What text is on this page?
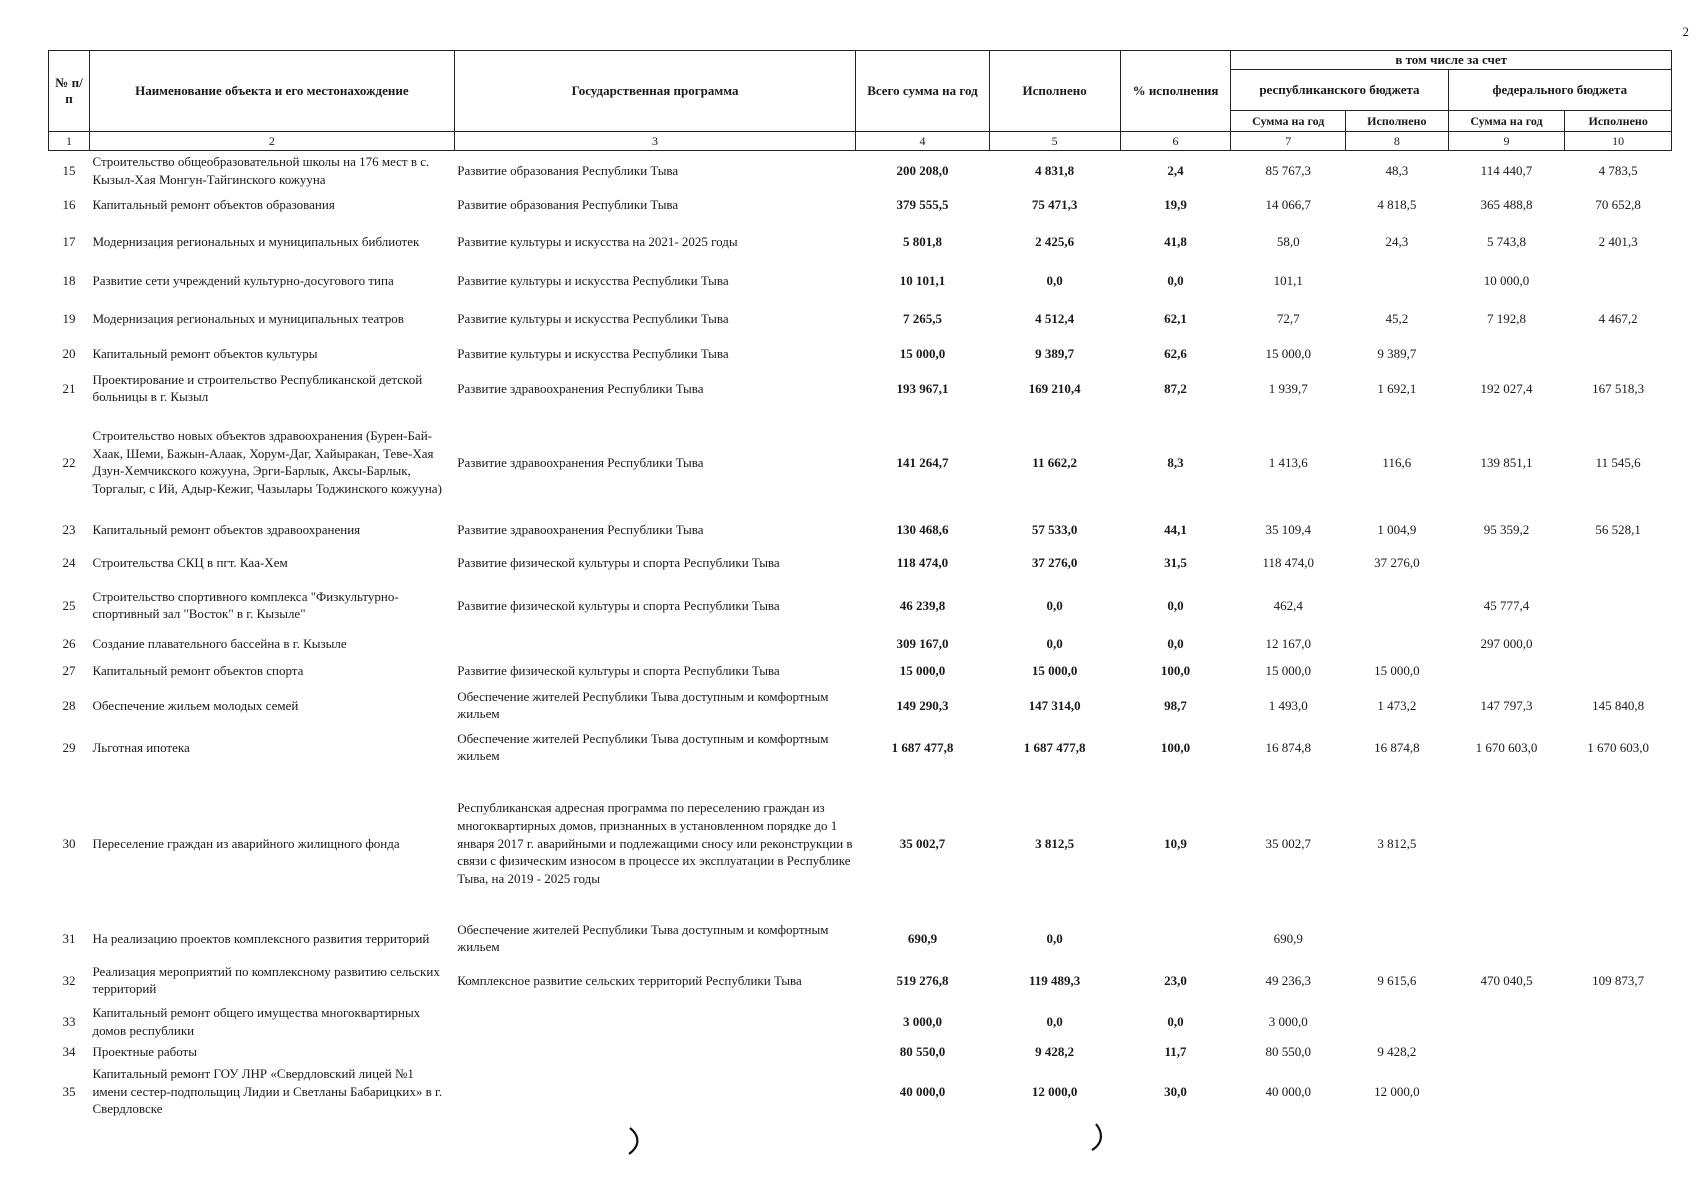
2
№ п/п	Наименование объекта и его местонахождение	Государственная программа	Всего сумма на год	Исполнено	% исполнения	в том числе за счет			
						республиканского бюджета		федерального бюджета	
						Сумма на год	Исполнено	Сумма на год	Исполнено
1	2	3	4	5	6	7	8	9	10
15	Строительство общеобразовательной школы на 176 мест в с. Кызыл-Хая Монгун-Тайгинского кожууна	Развитие образования Республики Тыва	200 208,0	4 831,8	2,4	85 767,3	48,3	114 440,7	4 783,5
16	Капитальный ремонт объектов образования	Развитие образования Республики Тыва	379 555,5	75 471,3	19,9	14 066,7	4 818,5	365 488,8	70 652,8
17	Модернизация региональных и муниципальных библиотек	Развитие культуры и искусства на 2021- 2025 годы	5 801,8	2 425,6	41,8	58,0	24,3	5 743,8	2 401,3
18	Развитие сети учреждений культурно-досугового типа	Развитие культуры и искусства Республики Тыва	10 101,1	0,0	0,0	101,1		10 000,0	
19	Модернизация региональных и муниципальных театров	Развитие культуры и искусства Республики Тыва	7 265,5	4 512,4	62,1	72,7	45,2	7 192,8	4 467,2
20	Капитальный ремонт объектов культуры	Развитие культуры и искусства Республики Тыва	15 000,0	9 389,7	62,6	15 000,0	9 389,7		
21	Проектирование и строительство Республиканской детской больницы в г. Кызыл	Развитие здравоохранения Республики Тыва	193 967,1	169 210,4	87,2	1 939,7	1 692,1	192 027,4	167 518,3
22	Строительство новых объектов здравоохранения (Бурен-Бай-Хаак, Шеми, Бажын-Алаак, Хорум-Даг, Хайыракан, Теве-Хая Дзун-Хемчикского кожууна, Эрги-Барлык, Аксы-Барлык, Торгалыг, с Ий, Адыр-Кежиг, Чазылары Тоджинского кожууна)	Развитие здравоохранения Республики Тыва	141 264,7	11 662,2	8,3	1 413,6	116,6	139 851,1	11 545,6
23	Капитальный ремонт объектов здравоохранения	Развитие здравоохранения Республики Тыва	130 468,6	57 533,0	44,1	35 109,4	1 004,9	95 359,2	56 528,1
24	Строительства СКЦ в пгт. Каа-Хем	Развитие физической культуры и спорта Республики Тыва	118 474,0	37 276,0	31,5	118 474,0	37 276,0		
25	Строительство спортивного комплекса "Физкультурно-спортивный зал "Восток" в г. Кызыле"	Развитие физической культуры и спорта Республики Тыва	46 239,8	0,0	0,0	462,4		45 777,4	
26	Создание плавательного бассейна в г. Кызыле		309 167,0	0,0	0,0	12 167,0		297 000,0	
27	Капитальный ремонт объектов спорта	Развитие физической культуры и спорта Республики Тыва	15 000,0	15 000,0	100,0	15 000,0	15 000,0		
28	Обеспечение жильем молодых семей	Обеспечение жителей Республики Тыва доступным и комфортным жильем	149 290,3	147 314,0	98,7	1 493,0	1 473,2	147 797,3	145 840,8
29	Льготная ипотека	Обеспечение жителей Республики Тыва доступным и комфортным жильем	1 687 477,8	1 687 477,8	100,0	16 874,8	16 874,8	1 670 603,0	1 670 603,0
30	Переселение граждан из аварийного жилищного фонда	Республиканская адресная программа по переселению граждан из многоквартирных домов, признанных в установленном порядке до 1 января 2017 г. аварийными и подлежащими сносу или реконструкции в связи с физическим износом в процессе их эксплуатации в Республике Тыва, на 2019 - 2025 годы	35 002,7	3 812,5	10,9	35 002,7	3 812,5		
31	На реализацию проектов комплексного развития территорий	Обеспечение жителей Республики Тыва доступным и комфортным жильем	690,9	0,0		690,9			
32	Реализация мероприятий по комплексному развитию сельских территорий	Комплексное развитие сельских территорий Республики Тыва	519 276,8	119 489,3	23,0	49 236,3	9 615,6	470 040,5	109 873,7
33	Капитальный ремонт общего имущества многоквартирных домов республики		3 000,0	0,0	0,0	3 000,0			
34	Проектные работы		80 550,0	9 428,2	11,7	80 550,0	9 428,2		
35	Капитальный ремонт ГОУ ЛНР «Свердловский лицей №1 имени сестер-подпольщиц Лидии и Светланы Бабарицких» в г. Свердловске		40 000,0	12 000,0	30,0	40 000,0	12 000,0		
